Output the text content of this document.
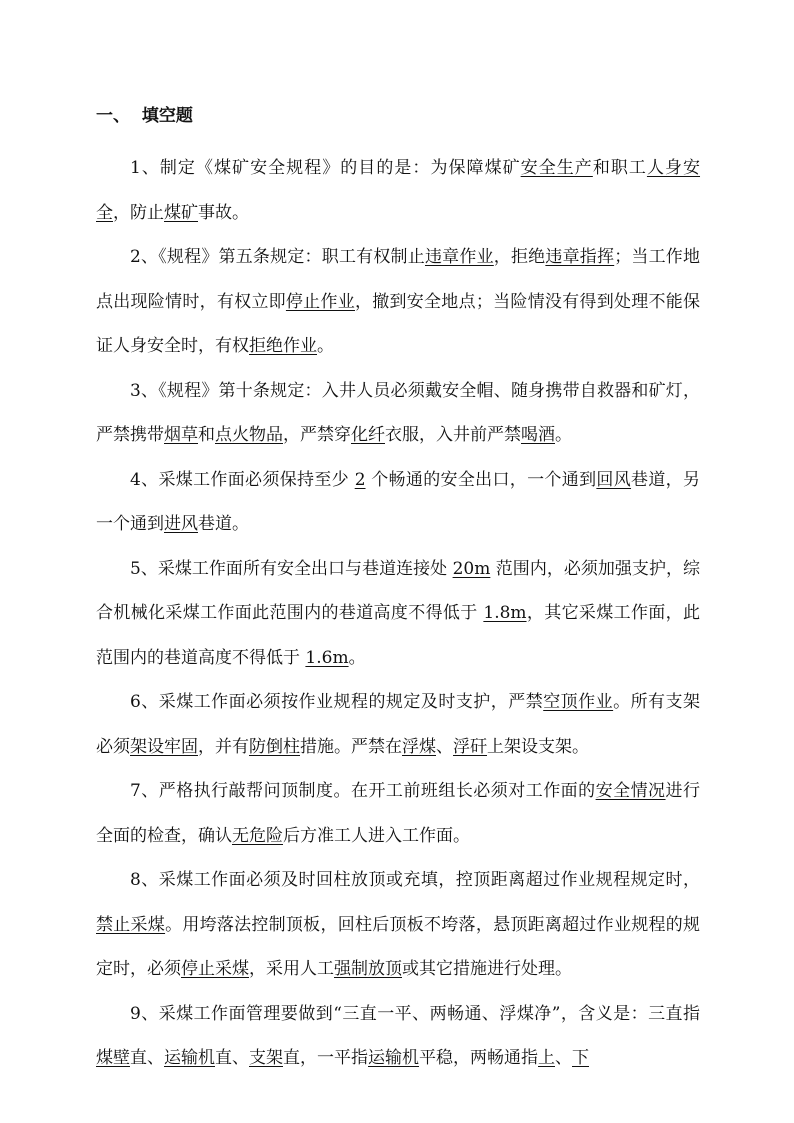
一、  填空题

1、制定《煤矿安全规程》的目的是：为保障煤矿安全生产和职工人身安全，防止煤矿事故。

2、《规程》第五条规定：职工有权制止违章作业，拒绝违章指挥；当工作地点出现险情时，有权立即停止作业，撤到安全地点；当险情没有得到处理不能保证人身安全时，有权拒绝作业。

3、《规程》第十条规定：入井人员必须戴安全帽、随身携带自救器和矿灯，严禁携带烟草和点火物品，严禁穿化纤衣服，入井前严禁喝酒。

4、采煤工作面必须保持至少 2 个畅通的安全出口，一个通到回风巷道，另一个通到进风巷道。

5、采煤工作面所有安全出口与巷道连接处 20m 范围内，必须加强支护，综合机械化采煤工作面此范围内的巷道高度不得低于 1.8m，其它采煤工作面，此范围内的巷道高度不得低于 1.6m。

6、采煤工作面必须按作业规程的规定及时支护，严禁空顶作业。所有支架必须架设牢固，并有防倒柱措施。严禁在浮煤、浮矸上架设支架。

7、严格执行敲帮问顶制度。在开工前班组长必须对工作面的安全情况进行全面的检查，确认无危险后方准工人进入工作面。

8、采煤工作面必须及时回柱放顶或充填，控顶距离超过作业规程规定时，禁止采煤。用垮落法控制顶板，回柱后顶板不垮落，悬顶距离超过作业规程的规定时，必须停止采煤，采用人工强制放顶或其它措施进行处理。

9、采煤工作面管理要做到“三直一平、两畅通、浮煤净”，含义是：三直指煤壁直、运输机直、支架直，一平指运输机平稳，两畅通指上、下
